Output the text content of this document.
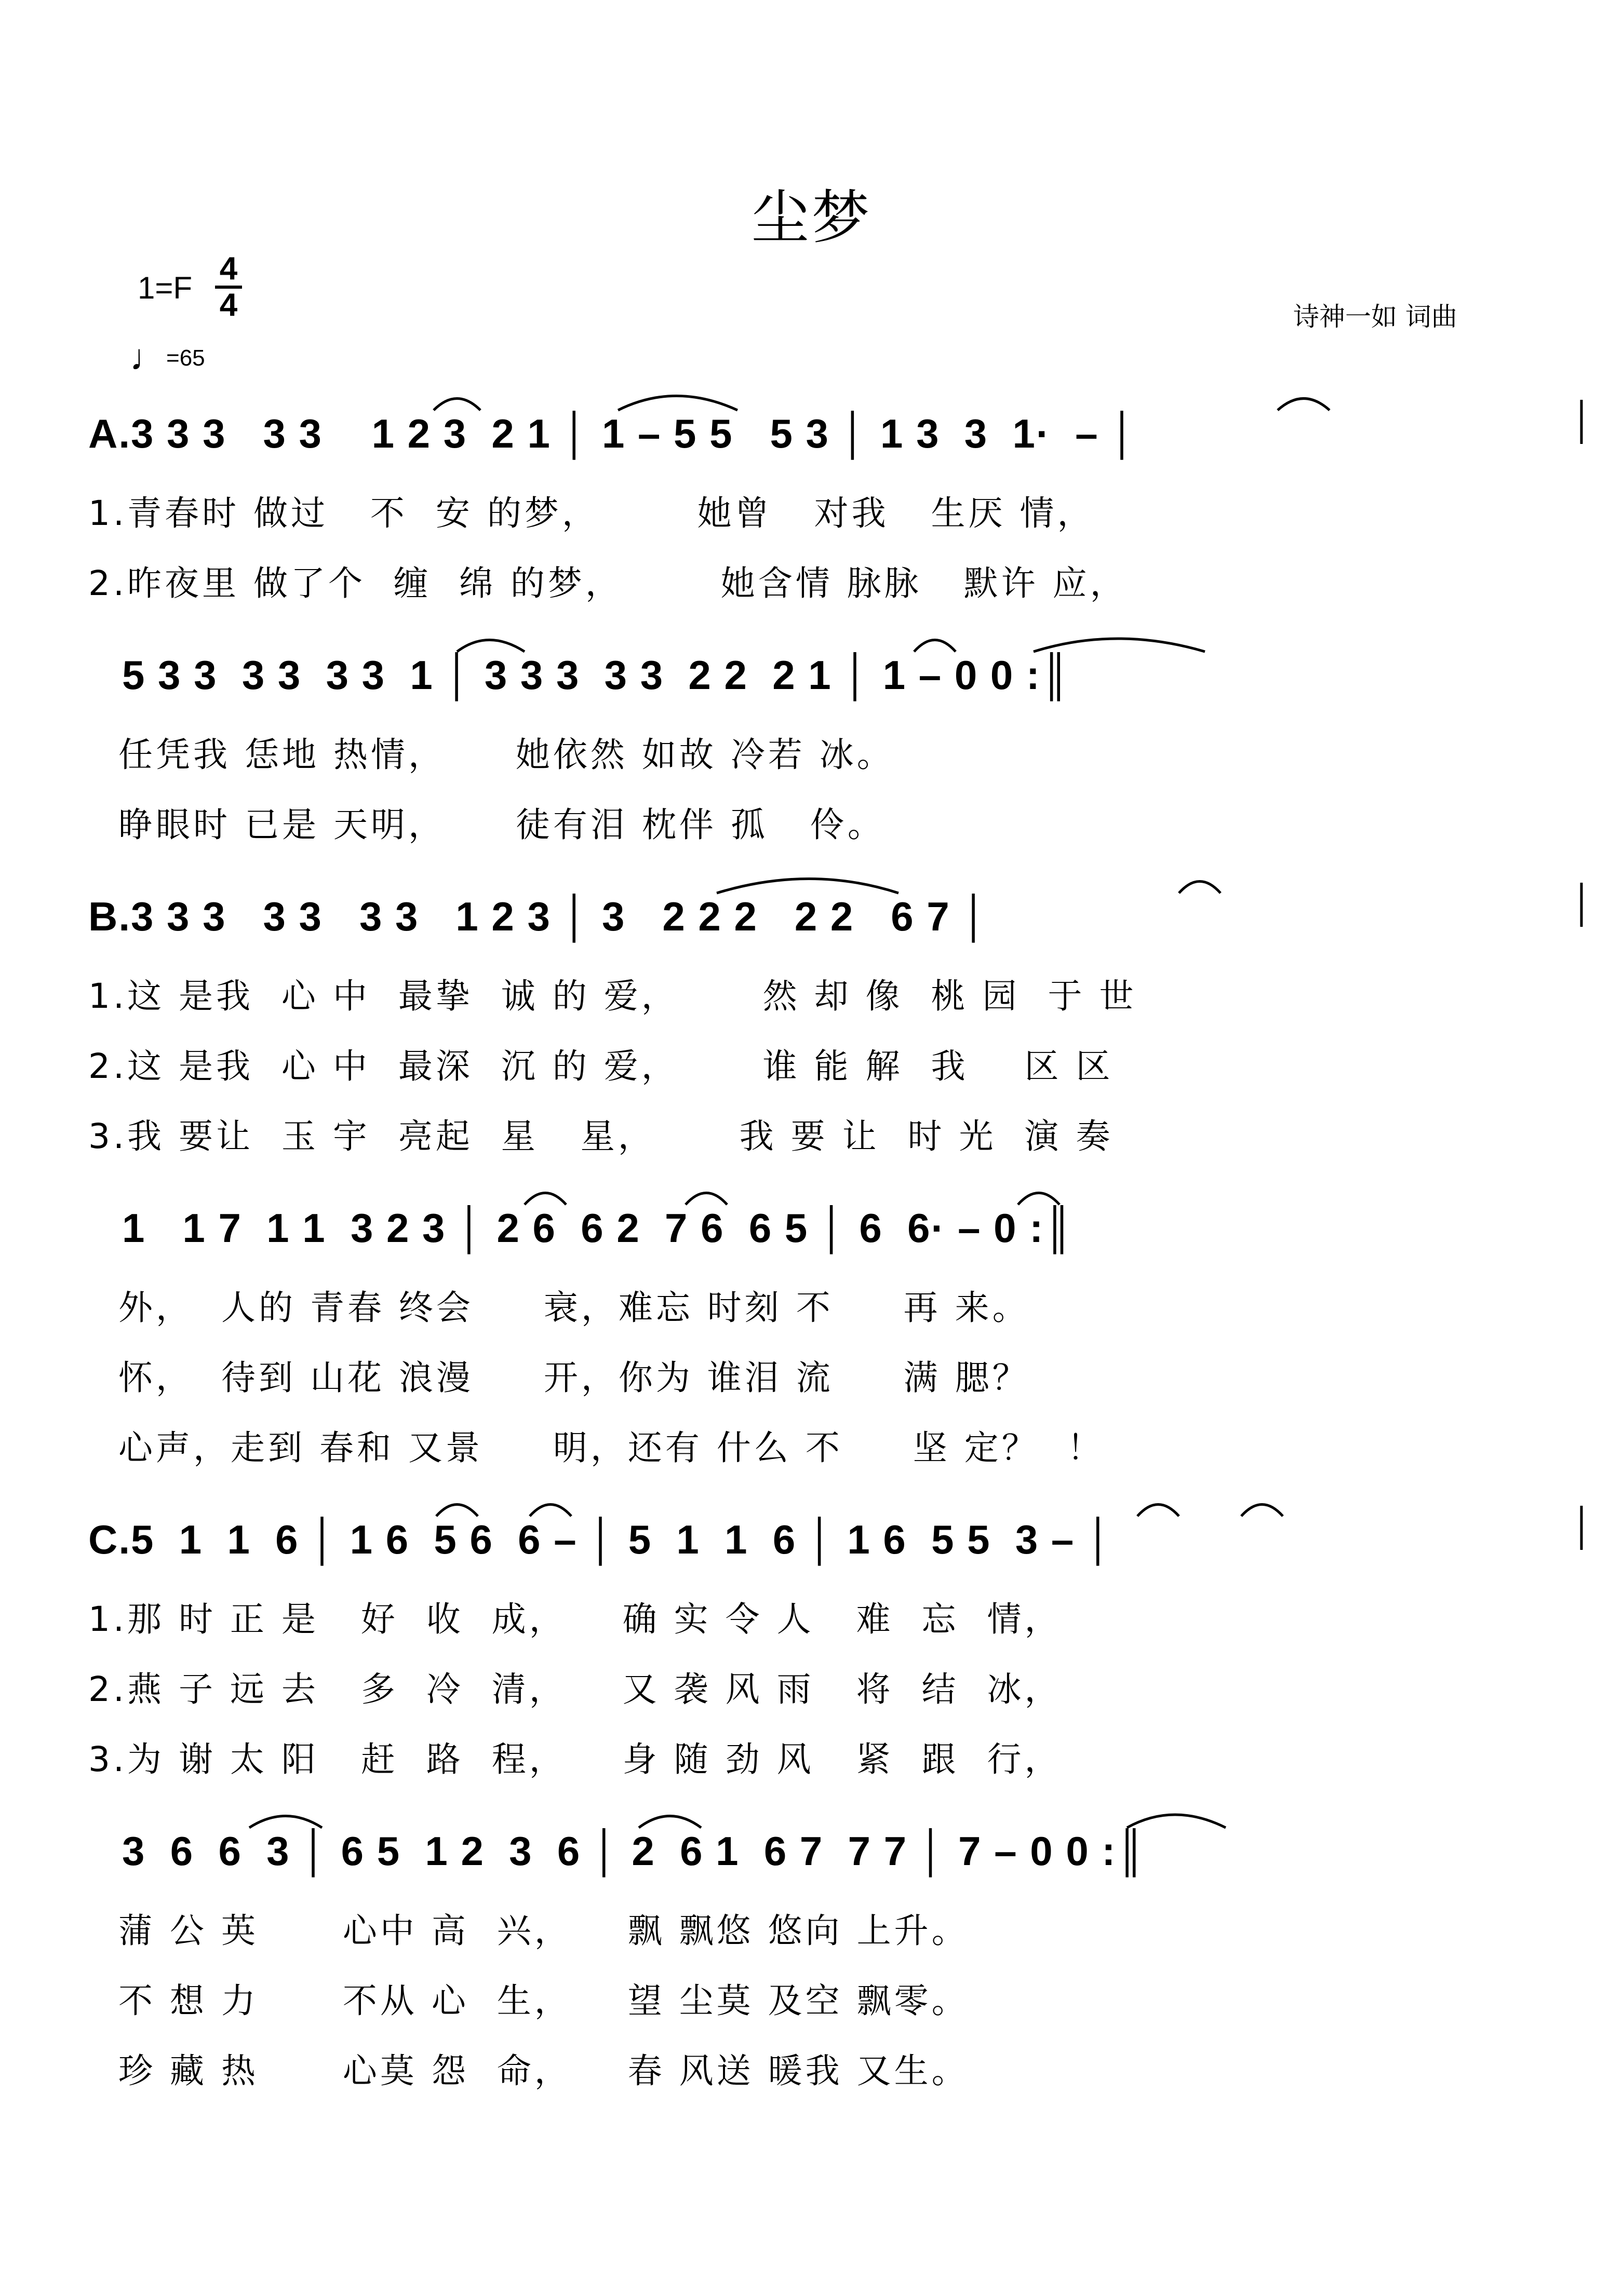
尘梦
1=F
4
4
♩=65
诗神一如 词曲
A.3 3 3   3 3    1 2 3  2 1 │ 1 – 5 5   5 3 │ 1 3  3  1·  – │
1.青春时 做过   不  安 的梦，       她曾   对我   生厌 情，
2.昨夜里 做了个  缠  绵 的梦，       她含情 脉脉   默许 应，
5 3 3  3 3  3 3  1 │ 3 3 3  3 3  2 2  2 1 │ 1 – 0 0 :║
任凭我 恁地 热情，     她依然 如故 冷若 冰。
睁眼时 已是 天明，     徒有泪 枕伴 孤   伶。
B.3 3 3   3 3   3 3   1 2 3 │ 3   2 2 2   2 2   6 7 │
1.这 是我  心 中  最挚  诚 的 爱，      然 却 像  桃 园  于 世
2.这 是我  心 中  最深  沉 的 爱，      谁 能 解  我    区 区
3.我 要让  玉 宇  亮起  星   星，      我 要 让  时 光  演 奏
1   1 7  1 1  3 2 3 │ 2 6  6 2  7 6  6 5 │ 6  6· – 0 :║
外，  人的 青春 终会     衰，难忘 时刻 不     再 来。
怀，  待到 山花 浪漫     开，你为 谁泪 流     满 腮？
心声，走到 春和 又景     明，还有 什么 不     坚 定？  ！
C.5  1  1  6 │ 1 6  5 6  6 – │ 5  1  1  6 │ 1 6  5 5  3 – │
1.那 时 正 是   好  收  成，    确 实 令 人   难  忘  情，
2.燕 子 远 去   多  冷  清，    又 袭 风 雨   将  结  冰，
3.为 谢 太 阳   赶  路  程，    身 随 劲 风   紧  跟  行，
3  6  6  3 │ 6 5  1 2  3  6 │ 2  6 1  6 7  7 7 │ 7 – 0 0 :║
蒲 公 英      心中 高  兴，    飘 飘悠 悠向 上升。
不 想 力      不从 心  生，    望 尘莫 及空 飘零。
珍 藏 热      心莫 怨  命，    春 风送 暖我 又生。
